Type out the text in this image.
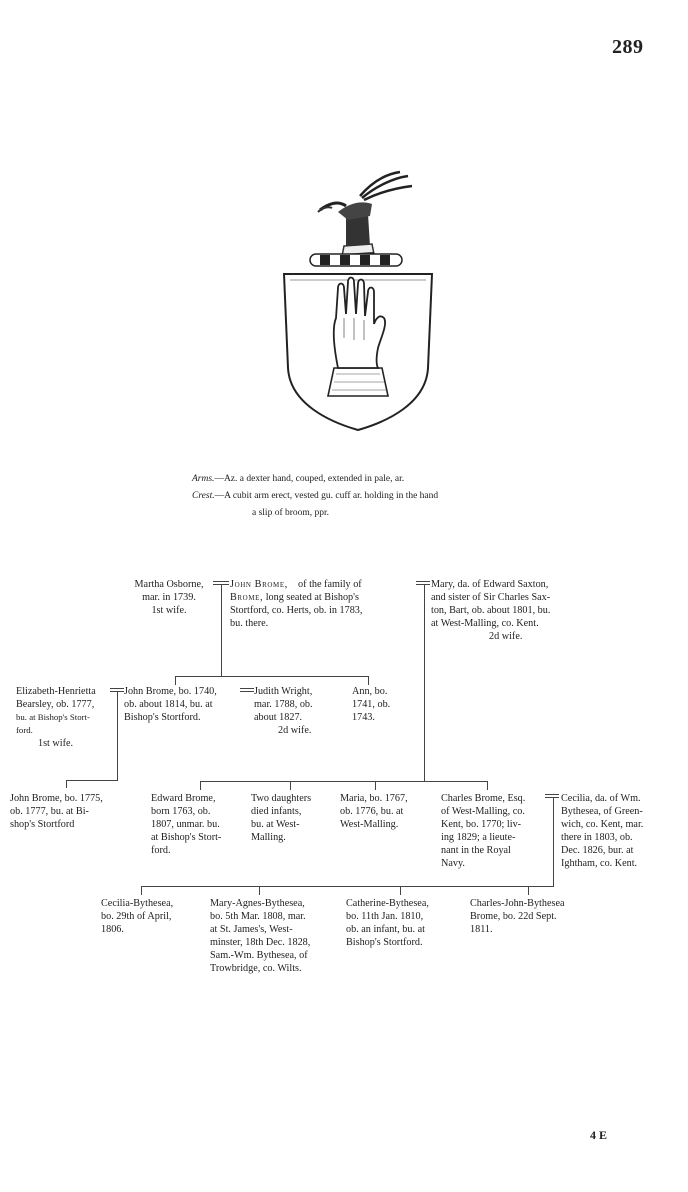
289
Arms.—Az. a dexter hand, couped, extended in pale, ar.
Crest.—A cubit arm erect, vested gu. cuff ar. holding in the hand
a slip of broom, ppr.
Martha Osborne,
mar. in 1739.
1st wife.
John Brome, of the family of
Brome, long seated at Bishop's
Stortford, co. Herts, ob. in 1783,
bu. there.
Mary, da. of Edward Saxton,
and sister of Sir Charles Sax-
ton, Bart, ob. about 1801, bu.
at West-Malling, co. Kent.
2d wife.
Elizabeth-Henrietta
Bearsley, ob. 1777,
bu. at Bishop's Stort-
ford.
1st wife.
John Brome, bo. 1740,
ob. about 1814, bu. at
Bishop's Stortford.
Judith Wright,
mar. 1788, ob.
about 1827.
2d wife.
Ann, bo.
1741, ob.
1743.
John Brome, bo. 1775,
ob. 1777, bu. at Bi-
shop's Stortford
Edward Brome,
born 1763, ob.
1807, unmar. bu.
at Bishop's Stort-
ford.
Two daughters
died infants,
bu. at West-
Malling.
Maria, bo. 1767,
ob. 1776, bu. at
West-Malling.
Charles Brome, Esq.
of West-Malling, co.
Kent, bo. 1770; liv-
ing 1829; a lieute-
nant in the Royal
Navy.
Cecilia, da. of Wm.
Bythesea, of Green-
wich, co. Kent, mar.
there in 1803, ob.
Dec. 1826, bur. at
Ightham, co. Kent.
Cecilia-Bythesea,
bo. 29th of April,
1806.
Mary-Agnes-Bythesea,
bo. 5th Mar. 1808, mar.
at St. James's, West-
minster, 18th Dec. 1828,
Sam.-Wm. Bythesea, of
Trowbridge, co. Wilts.
Catherine-Bythesea,
bo. 11th Jan. 1810,
ob. an infant, bu. at
Bishop's Stortford.
Charles-John-Bythesea
Brome, bo. 22d Sept.
1811.
4 E
